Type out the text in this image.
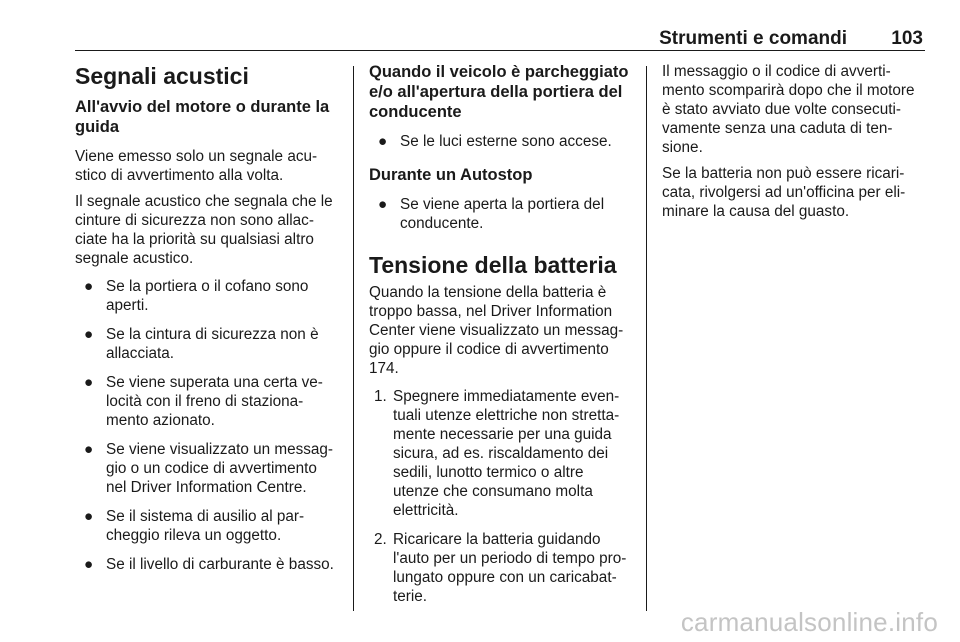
Strumenti e comandi 103
Segnali acustici
All'avvio del motore o durante la
guida

Viene emesso solo un segnale acu-
stico di avvertimento alla volta.

Il segnale acustico che segnala che le
cinture di sicurezza non sono allac-
ciate ha la priorità su qualsiasi altro
segnale acustico.

● Se la portiera o il cofano sono
aperti.
● Se la cintura di sicurezza non è
allacciata.
● Se viene superata una certa ve-
locità con il freno di staziona-
mento azionato.
● Se viene visualizzato un messag-
gio o un codice di avvertimento
nel Driver Information Centre.
● Se il sistema di ausilio al par-
cheggio rileva un oggetto.
● Se il livello di carburante è basso.
Quando il veicolo è parcheggiato
e/o all'apertura della portiera del
conducente
● Se le luci esterne sono accese.
Durante un Autostop
● Se viene aperta la portiera del
conducente.
Tensione della batteria

Quando la tensione della batteria è
troppo bassa, nel Driver Information
Center viene visualizzato un messag-
gio oppure il codice di avvertimento
174.

1. Spegnere immediatamente even-
tuali utenze elettriche non stretta-
mente necessarie per una guida
sicura, ad es. riscaldamento dei
sedili, lunotto termico o altre
utenze che consumano molta
elettricità.
2. Ricaricare la batteria guidando
l'auto per un periodo di tempo pro-
lungato oppure con un caricabat-
terie.

Il messaggio o il codice di avverti-
mento scomparirà dopo che il motore
è stato avviato due volte consecuti-
vamente senza una caduta di ten-
sione.

Se la batteria non può essere ricari-
cata, rivolgersi ad un'officina per eli-
minare la causa del guasto.

carmanualsonline.info
